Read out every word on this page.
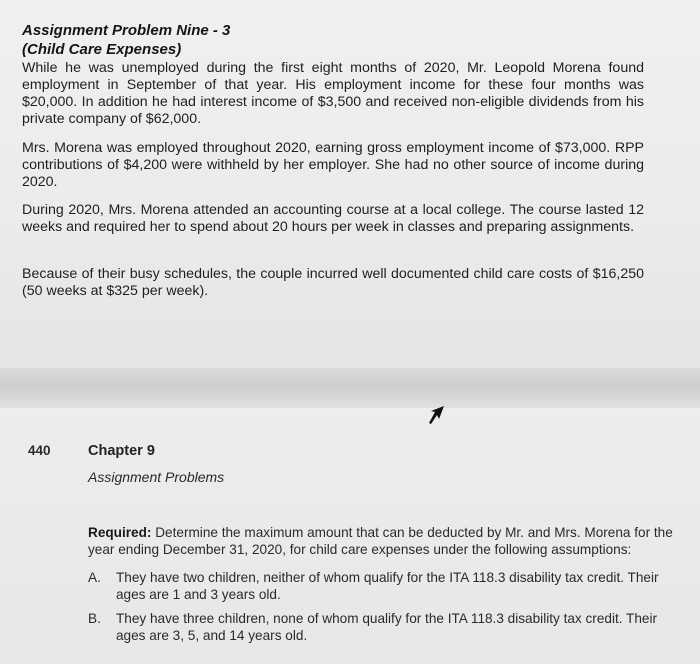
Assignment Problem Nine - 3
(Child Care Expenses)
While he was unemployed during the first eight months of 2020, Mr. Leopold Morena found employment in September of that year. His employment income for these four months was $20,000. In addition he had interest income of $3,500 and received non-eligible dividends from his private company of $62,000.
Mrs. Morena was employed throughout 2020, earning gross employment income of $73,000. RPP contributions of $4,200 were withheld by her employer. She had no other source of income during 2020.
During 2020, Mrs. Morena attended an accounting course at a local college. The course lasted 12 weeks and required her to spend about 20 hours per week in classes and preparing assignments.
Because of their busy schedules, the couple incurred well documented child care costs of $16,250 (50 weeks at $325 per week).
440	Chapter 9
Assignment Problems
Required: Determine the maximum amount that can be deducted by Mr. and Mrs. Morena for the year ending December 31, 2020, for child care expenses under the following assumptions:
A. They have two children, neither of whom qualify for the ITA 118.3 disability tax credit. Their ages are 1 and 3 years old.
B. They have three children, none of whom qualify for the ITA 118.3 disability tax credit. Their ages are 3, 5, and 14 years old.
